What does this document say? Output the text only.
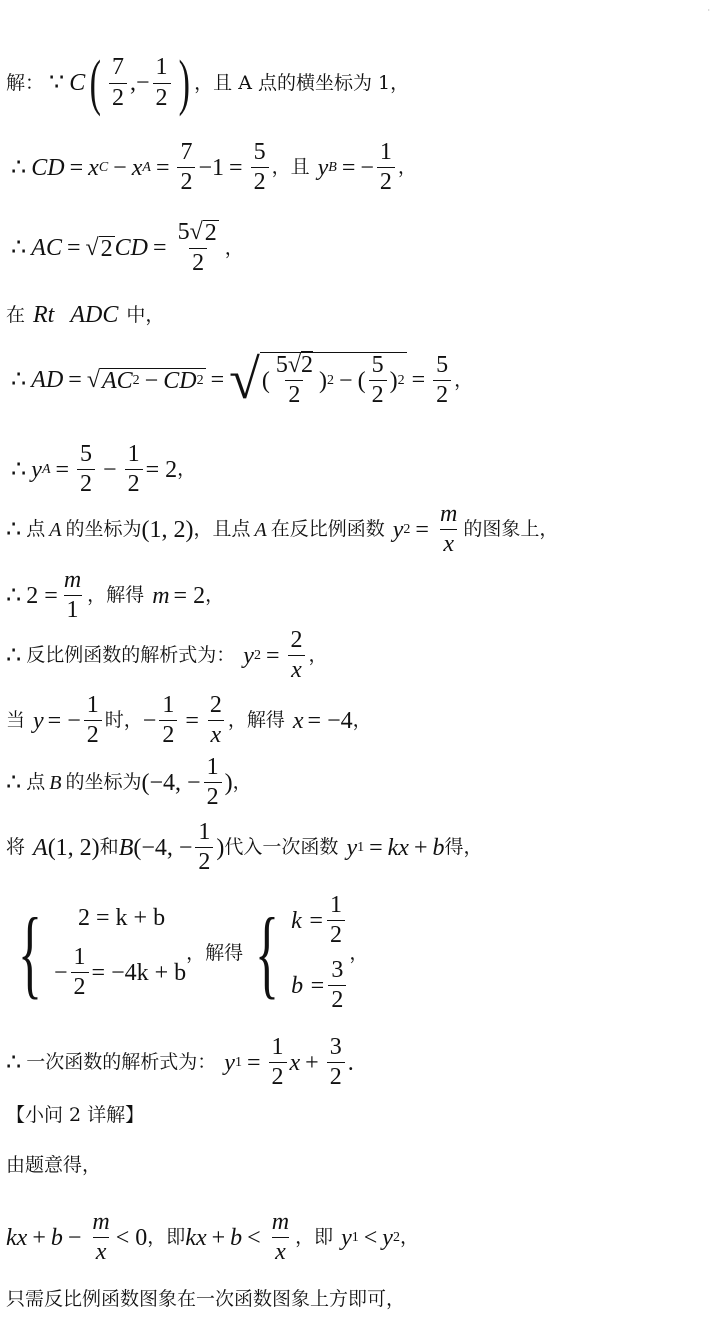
·
解： ∵ C ( $\frac{7}{2}$ , − $\frac{1}{2}$ ) ，且 A 点的横坐标为 1，
∴ CD = x C − x $A = \frac{7}{2} -1 = \frac{5}{2}$ ，且 y B = − $\frac{1}{2}$ ，
∴ AC = √ 2 CD = $\frac{5 √ 2}{2}$ ，
在 Rt ADC 中，
∴ AD = √ AC 2 − CD 2 = √ ( $\frac{5√2}{2}$ ) 2 − ( $\frac{5}{2}$ ) $2 = \frac{5}{2}$ ，
∴ y $A = \frac{5}{2} - \frac{1}{2} = 2$ ，
∴ 点 A 的坐标为 (1, 2) ，且点 A 在反比例函数 y $2 = \frac{m}{x}$ 的图象上，
∴ $2 = \frac{m}{1}$ ，解得 m = 2 ，
∴ 反比例函数的解析式为： y $2 = \frac{2}{x}$ ，
当 y = − $\frac{1}{2}$ 时， − $\frac{1}{2} = \frac{2}{x}$ ，解得 x = −4 ，
∴ 点 B 的坐标为 (−4, − $\frac{1}{2}$ ) ，
将 A (1, 2) 和 B (−4, − $\frac{1}{2}$ ) 代入一次函数 y 1 = kx + b 得，
{ 2 = k + b
− $\frac{1}{2} = -4k + b$
，解得 { $k = \frac{1}{2}$
$b = \frac{3}{2}$
，
∴ 一次函数的解析式为： y $1 = \frac{1}{2}$ $x + \frac{3}{2}$ .
【小问 2 详解】
由题意得，
kx + $b - \frac{m}{x} < 0$ ，即 kx + $b < \frac{m}{x}$ ，即 y 1 < y 2 ，
只需反比例函数图象在一次函数图象上方即可，
